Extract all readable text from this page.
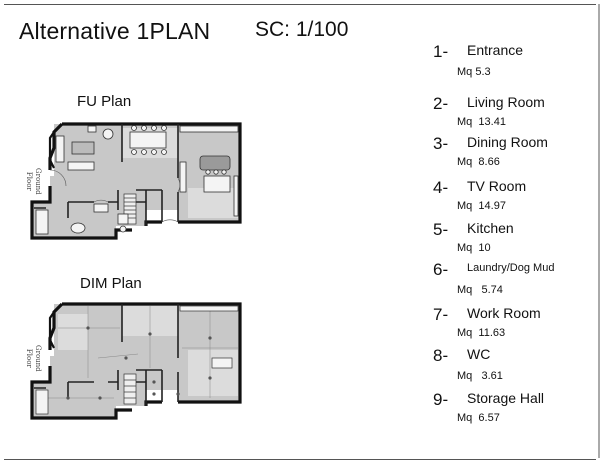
Alternative 1PLAN SC: 1/100
FU Plan
Ground
Floor
DIM Plan
Ground
Floor
1- Entrance
Mq 5.3
2- Living Room
Mq 13.41
3- Dining Room
Mq 8.66
4- TV Room
Mq 14.97
5- Kitchen
Mq 10
6- Laundry/Dog Mud
Mq 5.74
7- Work Room
Mq 11.63
8- WC
Mq 3.61
9- Storage Hall
Mq 6.57
